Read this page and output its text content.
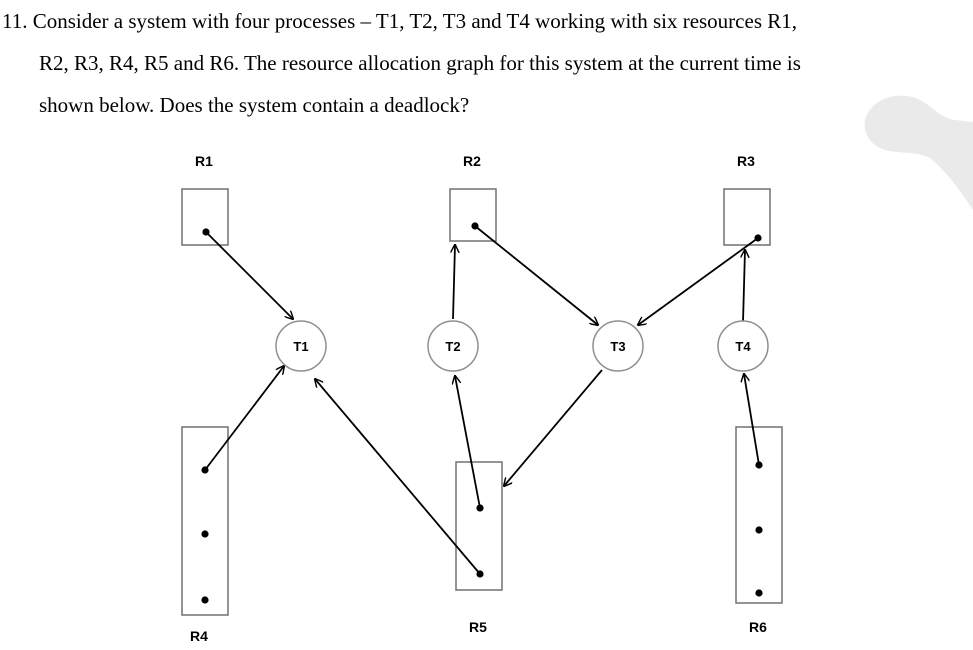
11. Consider a system with four processes – T1, T2, T3 and T4 working with six resources R1,
R2, R3, R4, R5 and R6. The resource allocation graph for this system at the current time is
shown below. Does the system contain a deadlock?
R1	R2	R3
R4
R5	R6
T1	T2	T3	T4
